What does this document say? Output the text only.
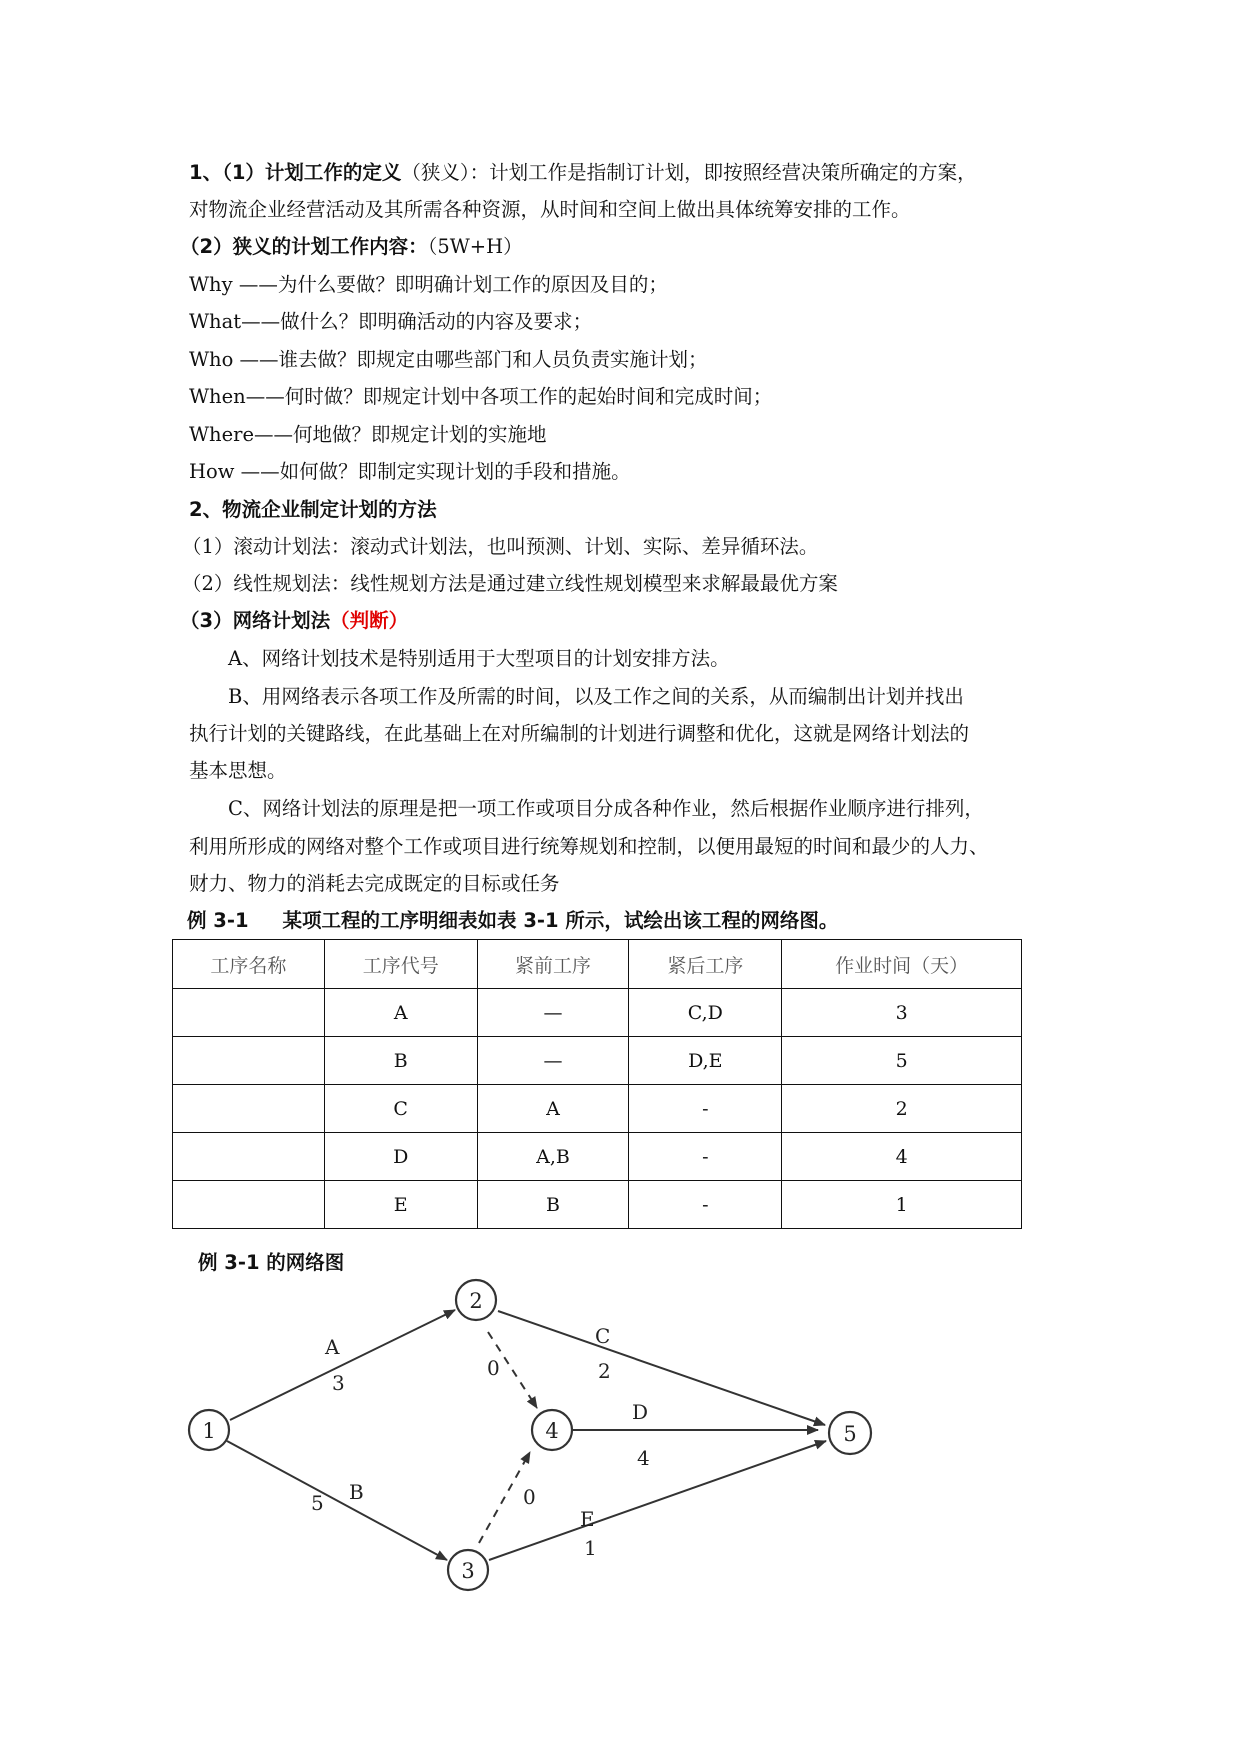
1、（1）计划工作的定义（狭义）：计划工作是指制订计划，即按照经营决策所确定的方案，
对物流企业经营活动及其所需各种资源，从时间和空间上做出具体统筹安排的工作。
（2）狭义的计划工作内容：（5W+H）
Why ——为什么要做？即明确计划工作的原因及目的；
What——做什么？即明确活动的内容及要求；
Who ——谁去做？即规定由哪些部门和人员负责实施计划；
When——何时做？即规定计划中各项工作的起始时间和完成时间；
Where——何地做？即规定计划的实施地
How ——如何做？即制定实现计划的手段和措施。
2、物流企业制定计划的方法
（1）滚动计划法：滚动式计划法，也叫预测、计划、实际、差异循环法。
（2）线性规划法：线性规划方法是通过建立线性规划模型来求解最最优方案
（3）网络计划法（判断）
A、网络计划技术是特别适用于大型项目的计划安排方法。
B、用网络表示各项工作及所需的时间，以及工作之间的关系，从而编制出计划并找出
执行计划的关键路线，在此基础上在对所编制的计划进行调整和优化，这就是网络计划法的
基本思想。
C、网络计划法的原理是把一项工作或项目分成各种作业，然后根据作业顺序进行排列，
利用所形成的网络对整个工作或项目进行统筹规划和控制，以便用最短的时间和最少的人力、
财力、物力的消耗去完成既定的目标或任务
例 3-1 某项工程的工序明细表如表 3-1 所示，试绘出该工程的网络图。
工序名称	工序代号	紧前工序	紧后工序	作业时间（天）
	A	—	C,D	3
	B	—	D,E	5
	C	A	-	2
	D	A,B	-	4
	E	B	-	1
例 3-1 的网络图
1
2
3
4	5
A
3
B
5
C
2
D
4
E
1
0
0
